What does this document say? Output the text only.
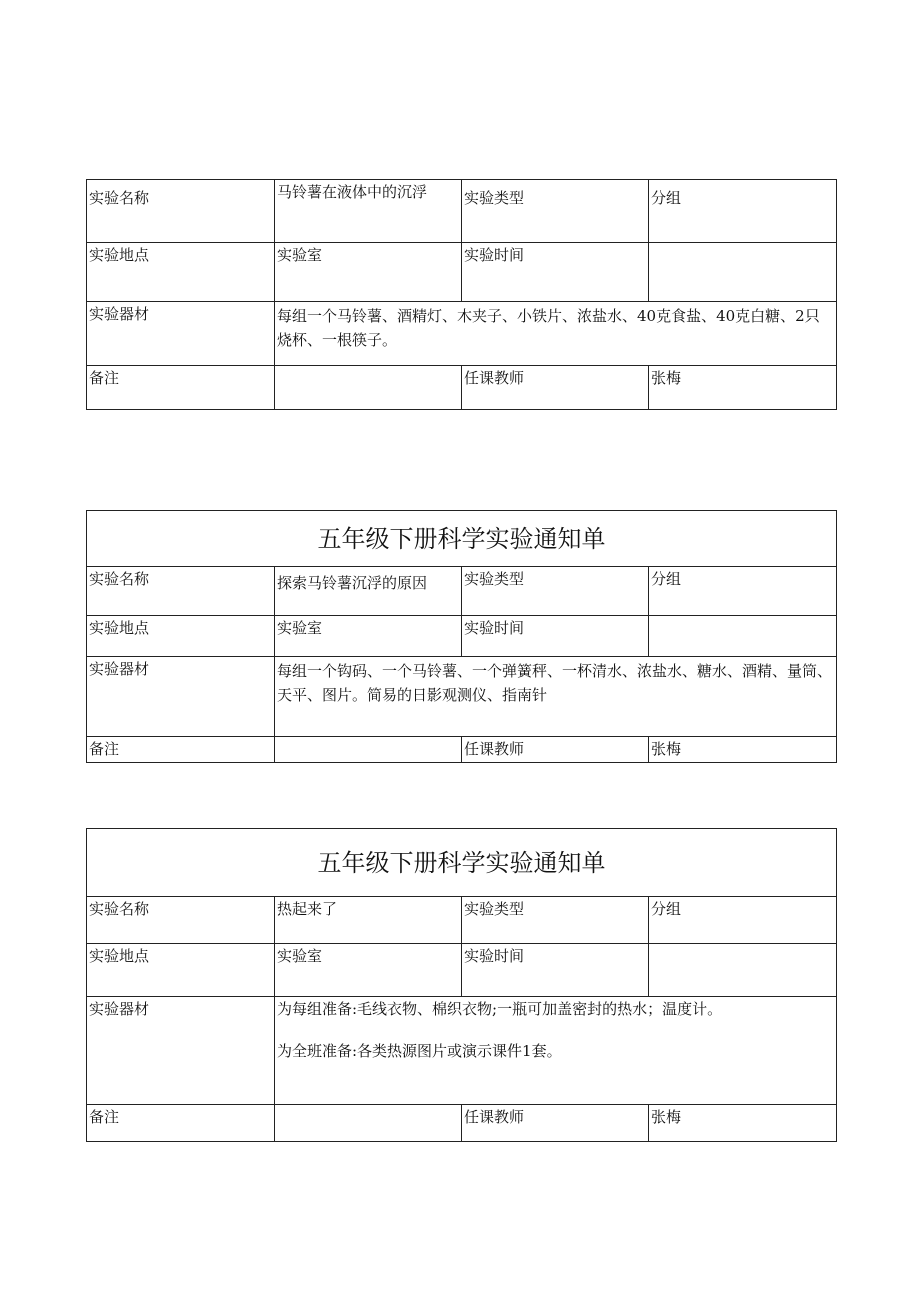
实验名称	马铃薯在液体中的沉浮	实验类型	分组
实验地点	实验室	实验时间	
实验器材	每组一个马铃薯、酒精灯、木夹子、小铁片、浓盐水、40克食盐、40克白糖、2只烧杯、一根筷子。		

备注		任课教师	张梅
五年级下册科学实验通知单			
实验名称	探索马铃薯沉浮的原因	实验类型	分组
实验地点	实验室	实验时间	
实验器材	每组一个钩码、一个马铃薯、一个弹簧秤、一杯清水、浓盐水、糖水、酒精、量筒、天平、图片。简易的日影观测仪、指南针		

备注		任课教师	张梅
五年级下册科学实验通知单			
实验名称	热起来了	实验类型	分组
实验地点	实验室	实验时间	
实验器材	为每组准备:毛线衣物、棉织衣物;一瓶可加盖密封的热水；温度计。

为全班准备:各类热源图片或演示课件1套。		

备注		任课教师	张梅
